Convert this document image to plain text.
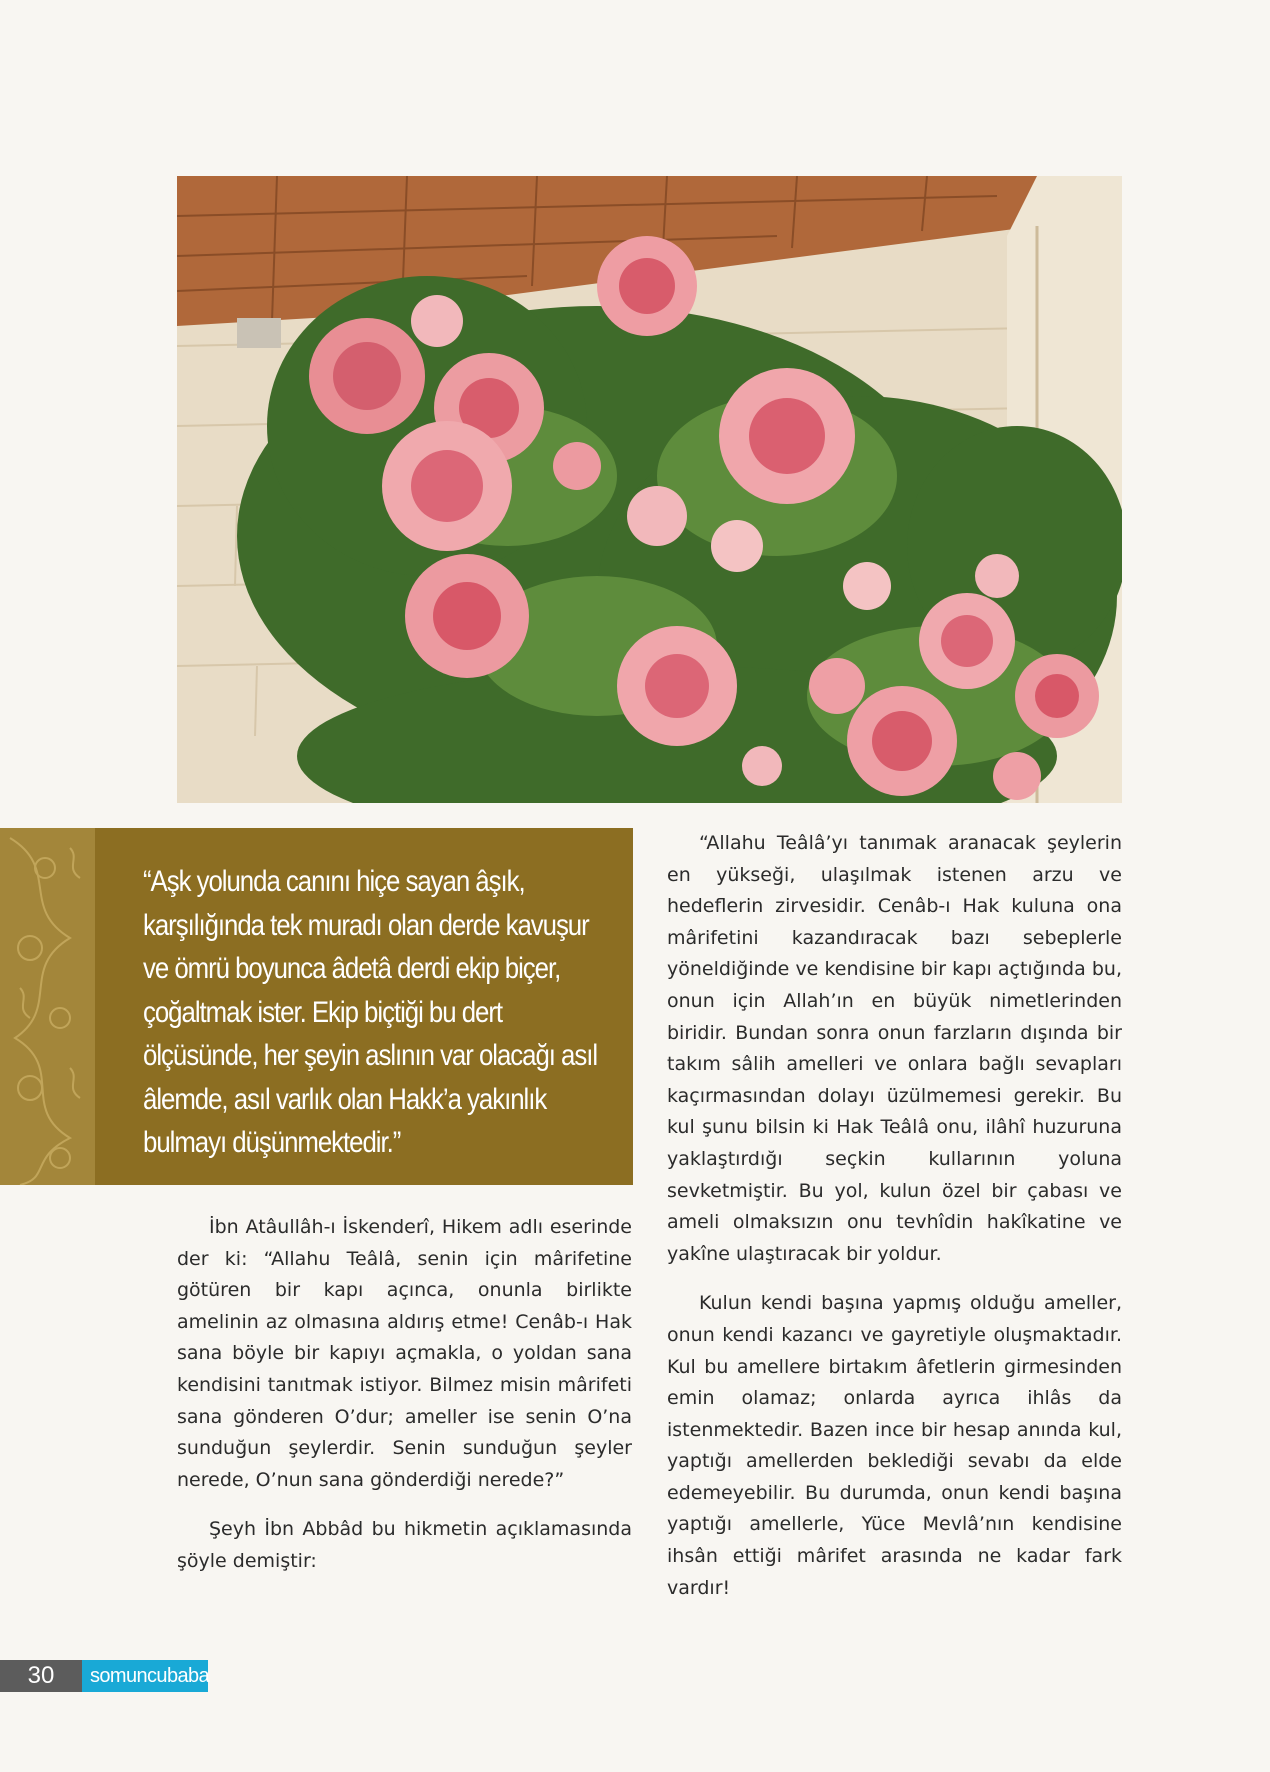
“Aşk yolunda canını hiçe sayan âşık, karşılığında tek muradı olan derde kavuşur ve ömrü boyunca âdetâ derdi ekip biçer, çoğaltmak ister. Ekip biçtiği bu dert ölçüsünde, her şeyin aslının var olacağı asıl âlemde, asıl varlık olan Hakk’a yakınlık bulmayı düşünmektedir.”

İbn Atâullâh-ı İskenderî, Hikem adlı eserinde der ki: “Allahu Teâlâ, senin için mârifetine götüren bir kapı açınca, onunla birlikte amelinin az olmasına aldırış etme! Cenâb-ı Hak sana böyle bir kapıyı açmakla, o yoldan sana kendisini tanıtmak istiyor. Bilmez misin mârifeti sana gönderen O’dur; ameller ise senin O’na sunduğun şeylerdir. Senin sunduğun şeyler nerede, O’nun sana gönderdiği nerede?”

Şeyh İbn Abbâd bu hikmetin açıklamasında şöyle demiştir:

“Allahu Teâlâ’yı tanımak aranacak şeylerin en yükseği, ulaşılmak istenen arzu ve hedeflerin zirvesidir. Cenâb-ı Hak kuluna ona mârifetini kazandıracak bazı sebeplerle yöneldiğinde ve kendisine bir kapı açtığında bu, onun için Allah’ın en büyük nimetlerinden biridir. Bundan sonra onun farzların dışında bir takım sâlih amelleri ve onlara bağlı sevapları kaçırmasından dolayı üzülmemesi gerekir. Bu kul şunu bilsin ki Hak Teâlâ onu, ilâhî huzuruna yaklaştırdığı seçkin kullarının yoluna sevketmiştir. Bu yol, kulun özel bir çabası ve ameli olmaksızın onu tevhîdin hakîkatine ve yakîne ulaştıracak bir yoldur.

Kulun kendi başına yapmış olduğu ameller, onun kendi kazancı ve gayretiyle oluşmaktadır. Kul bu amellere birtakım âfetlerin girmesinden emin olamaz; onlarda ayrıca ihlâs da istenmektedir. Bazen ince bir hesap anında kul, yaptığı amellerden beklediği sevabı da elde edemeyebilir. Bu durumda, onun kendi başına yaptığı amellerle, Yüce Mevlâ’nın kendisine ihsân ettiği mârifet arasında ne kadar fark vardır!

30	somuncubaba
